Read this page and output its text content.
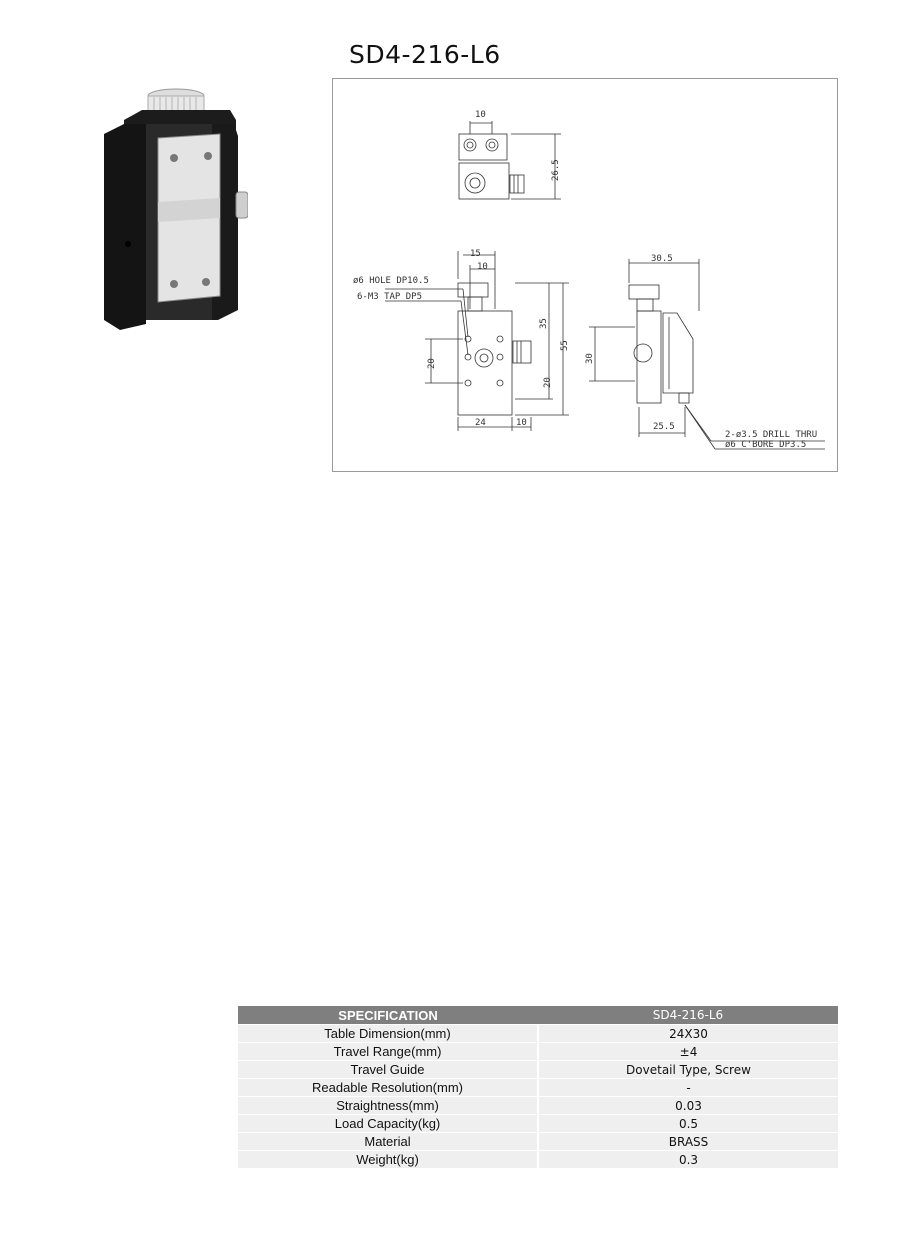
SD4-216-L6
10
26.5
15
10
ø6 HOLE DP10.5
6-M3 TAP DP5
35
55
20
20
24	10
30.5
30
25.5
2-ø3.5 DRILL THRU
ø6 C'BORE DP3.5
SPECIFICATION	SD4-216-L6
Table Dimension(mm)	24X30
Travel Range(mm)	±4
Travel Guide	Dovetail Type, Screw
Readable Resolution(mm)	-
Straightness(mm)	0.03
Load Capacity(kg)	0.5
Material	BRASS
Weight(kg)	0.3
